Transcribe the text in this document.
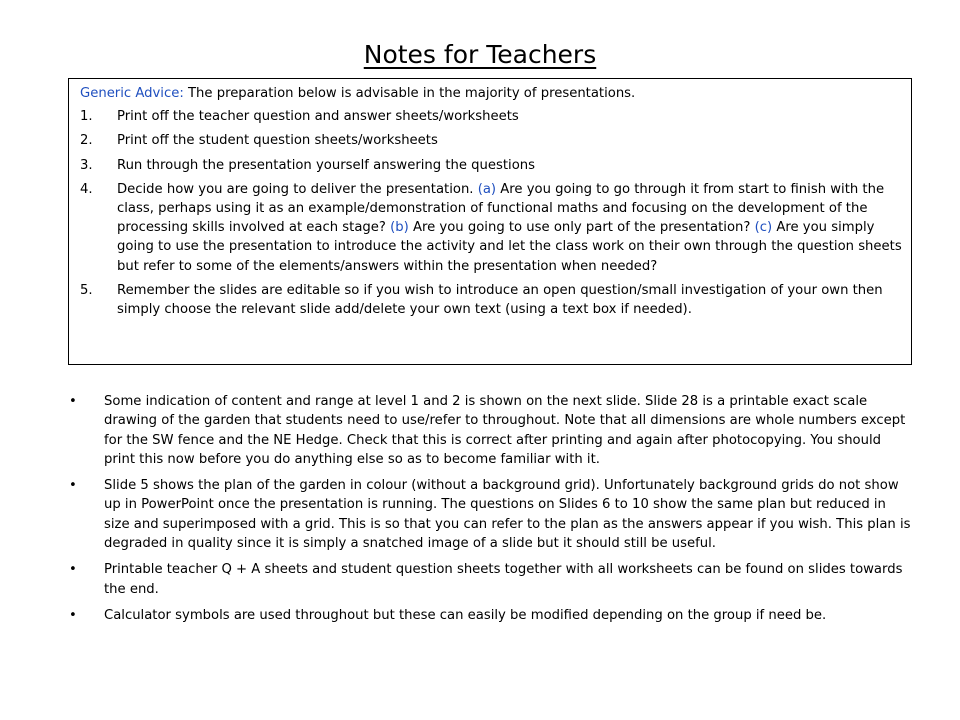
Notes for Teachers

Generic Advice: The preparation below is advisable in the majority of presentations.

1. Print off the teacher question and answer sheets/worksheets
2. Print off the student question sheets/worksheets
3. Run through the presentation yourself answering the questions
4. Decide how you are going to deliver the presentation. (a) Are you going to go through it from start to finish with the class, perhaps using it as an example/demonstration of functional maths and focusing on the development of the processing skills involved at each stage? (b) Are you going to use only part of the presentation? (c) Are you simply going to use the presentation to introduce the activity and let the class work on their own through the question sheets but refer to some of the elements/answers within the presentation when needed?
5. Remember the slides are editable so if you wish to introduce an open question/small investigation of your own then simply choose the relevant slide add/delete your own text (using a text box if needed).
• Some indication of content and range at level 1 and 2 is shown on the next slide. Slide 28 is a printable exact scale drawing of the garden that students need to use/refer to throughout. Note that all dimensions are whole numbers except for the SW fence and the NE Hedge. Check that this is correct after printing and again after photocopying. You should print this now before you do anything else so as to become familiar with it.
• Slide 5 shows the plan of the garden in colour (without a background grid). Unfortunately background grids do not show up in PowerPoint once the presentation is running. The questions on Slides 6 to 10 show the same plan but reduced in size and superimposed with a grid. This is so that you can refer to the plan as the answers appear if you wish. This plan is degraded in quality since it is simply a snatched image of a slide but it should still be useful.
• Printable teacher Q + A sheets and student question sheets together with all worksheets can be found on slides towards the end.
• Calculator symbols are used throughout but these can easily be modified depending on the group if need be.
